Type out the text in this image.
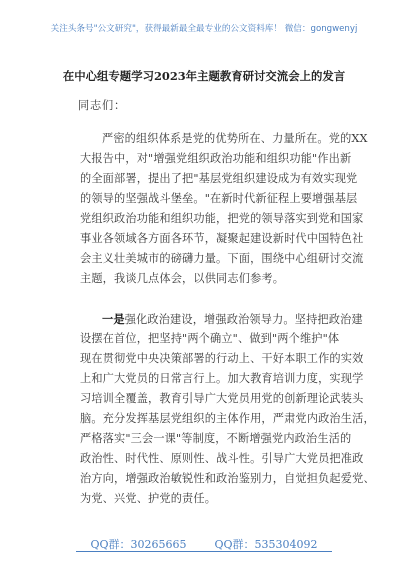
关注头条号"公文研究"，获得最新最全最专业的公文资料库！ 微信：gongwenyj
在中心组专题学习2023年主题教育研讨交流会上的发言
同志们：
严密的组织体系是党的优势所在、力量所在。党的XX
大报告中，对"增强党组织政治功能和组织功能"作出新
的全面部署，提出了把"基层党组织建设成为有效实现党
的领导的坚强战斗堡垒。"在新时代新征程上要增强基层
党组织政治功能和组织功能，把党的领导落实到党和国家
事业各领域各方面各环节，凝聚起建设新时代中国特色社
会主义壮美城市的磅礴力量。下面，围绕中心组研讨交流
主题，我谈几点体会，以供同志们参考。
一是强化政治建设，增强政治领导力。坚持把政治建
设摆在首位，把坚持"两个确立"、做到"两个维护"体
现在贯彻党中央决策部署的行动上、干好本职工作的实效
上和广大党员的日常言行上。加大教育培训力度，实现学
习培训全覆盖，教育引导广大党员用党的创新理论武装头
脑。充分发挥基层党组织的主体作用，严肃党内政治生活，
严格落实"三会一课"等制度，不断增强党内政治生活的
政治性、时代性、原则性、战斗性。引导广大党员把准政
治方向，增强政治敏锐性和政治鉴别力，自觉担负起爱党、
为党、兴党、护党的责任。
QQ群：30265665	QQ群：535304092
